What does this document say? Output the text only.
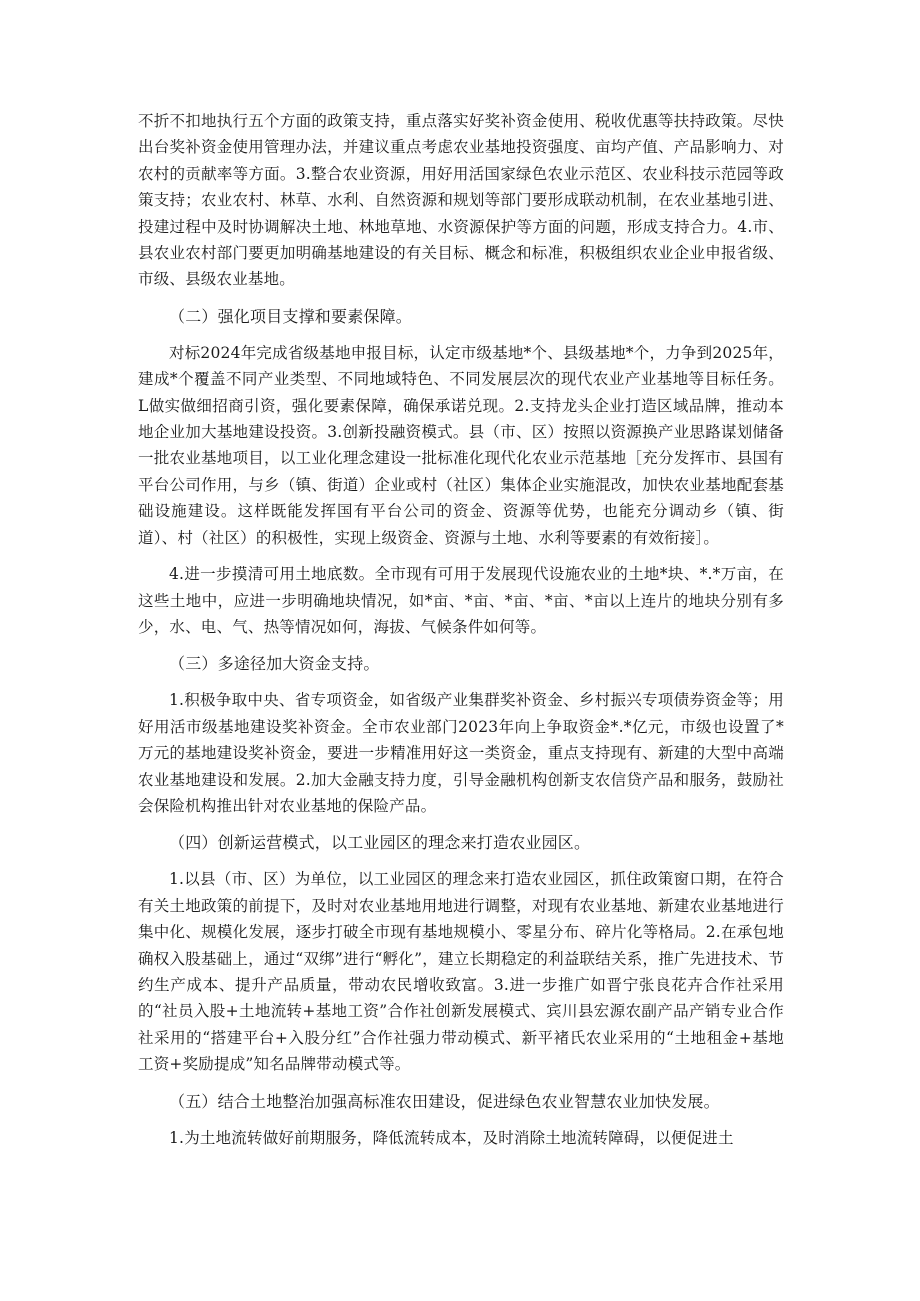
不折不扣地执行五个方面的政策支持，重点落实好奖补资金使用、税收优惠等扶持政策。尽快出台奖补资金使用管理办法，并建议重点考虑农业基地投资强度、亩均产值、产品影响力、对农村的贡献率等方面。3.整合农业资源，用好用活国家绿色农业示范区、农业科技示范园等政策支持；农业农村、林草、水利、自然资源和规划等部门要形成联动机制，在农业基地引进、投建过程中及时协调解决土地、林地草地、水资源保护等方面的问题，形成支持合力。4.市、县农业农村部门要更加明确基地建设的有关目标、概念和标准，积极组织农业企业申报省级、市级、县级农业基地。

（二）强化项目支撑和要素保障。

对标2024年完成省级基地申报目标，认定市级基地*个、县级基地*个，力争到2025年，建成*个覆盖不同产业类型、不同地域特色、不同发展层次的现代农业产业基地等目标任务。L做实做细招商引资，强化要素保障，确保承诺兑现。2.支持龙头企业打造区域品牌，推动本地企业加大基地建设投资。3.创新投融资模式。县（市、区）按照以资源换产业思路谋划储备一批农业基地项目，以工业化理念建设一批标准化现代化农业示范基地［充分发挥市、县国有平台公司作用，与乡（镇、街道）企业或村（社区）集体企业实施混改，加快农业基地配套基础设施建设。这样既能发挥国有平台公司的资金、资源等优势，也能充分调动乡（镇、街道）、村（社区）的积极性，实现上级资金、资源与土地、水利等要素的有效衔接］。

4.进一步摸清可用土地底数。全市现有可用于发展现代设施农业的土地*块、*.*万亩，在这些土地中，应进一步明确地块情况，如*亩、*亩、*亩、*亩、*亩以上连片的地块分别有多少，水、电、气、热等情况如何，海拔、气候条件如何等。

（三）多途径加大资金支持。

1.积极争取中央、省专项资金，如省级产业集群奖补资金、乡村振兴专项债券资金等；用好用活市级基地建设奖补资金。全市农业部门2023年向上争取资金*.*亿元，市级也设置了*万元的基地建设奖补资金，要进一步精准用好这一类资金，重点支持现有、新建的大型中高端农业基地建设和发展。2.加大金融支持力度，引导金融机构创新支农信贷产品和服务，鼓励社会保险机构推出针对农业基地的保险产品。

（四）创新运营模式，以工业园区的理念来打造农业园区。

1.以县（市、区）为单位，以工业园区的理念来打造农业园区，抓住政策窗口期，在符合有关土地政策的前提下，及时对农业基地用地进行调整，对现有农业基地、新建农业基地进行集中化、规模化发展，逐步打破全市现有基地规模小、零星分布、碎片化等格局。2.在承包地确权入股基础上，通过“双绑”进行“孵化”，建立长期稳定的利益联结关系，推广先进技术、节约生产成本、提升产品质量，带动农民增收致富。3.进一步推广如晋宁张良花卉合作社采用的“社员入股+土地流转+基地工资”合作社创新发展模式、宾川县宏源农副产品产销专业合作社采用的“搭建平台+入股分红”合作社强力带动模式、新平褚氏农业采用的“土地租金+基地工资+奖励提成”知名品牌带动模式等。

（五）结合土地整治加强高标准农田建设，促进绿色农业智慧农业加快发展。

1.为土地流转做好前期服务，降低流转成本，及时消除土地流转障碍，以便促进土
